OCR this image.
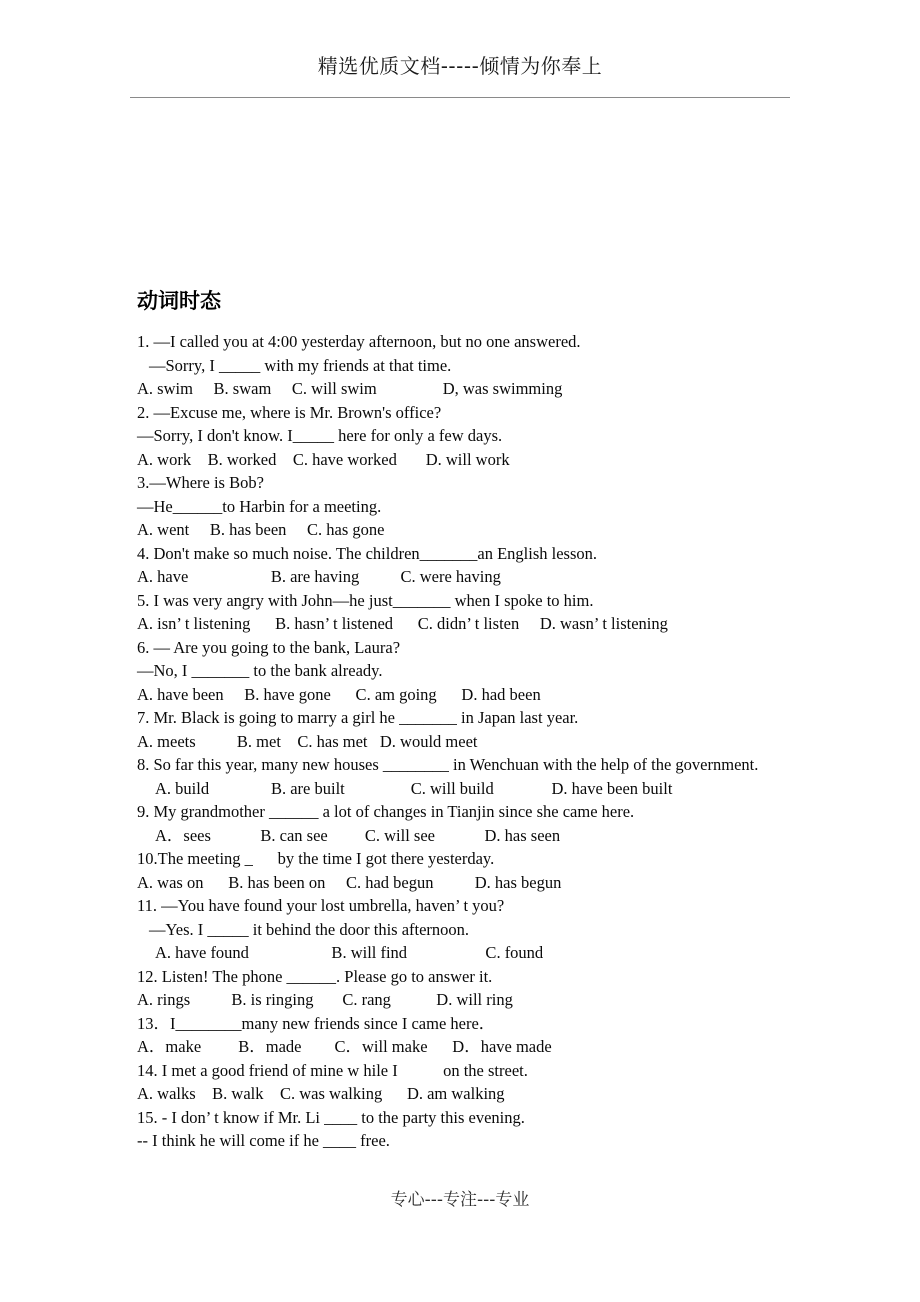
精选优质文档-----倾情为你奉上
动词时态
1. —I called you at 4:00 yesterday afternoon, but no one answered.
—Sorry, I _____ with my friends at that time.
A. swim     B. swam     C. will swim                D, was swimming
2. —Excuse me, where is Mr. Brown's office?
—Sorry, I don't know. I_____ here for only a few days.
A. work    B. worked    C. have worked       D. will work
3.—Where is Bob?
—He______to Harbin for a meeting.
A. went     B. has been     C. has gone
4. Don't make so much noise. The children_______an English lesson.
A. have                    B. are having          C. were having
5. I was very angry with John—he just_______ when I spoke to him.
A. isn’ t listening      B. hasn’ t listened      C. didn’ t listen     D. wasn’ t listening
6. — Are you going to the bank, Laura?
—No, I _______ to the bank already.
A. have been     B. have gone      C. am going      D. had been
7. Mr. Black is going to marry a girl he _______ in Japan last year.
A. meets          B. met    C. has met   D. would meet
8. So far this year, many new houses ________ in Wenchuan with the help of the government.
A. build               B. are built                C. will build              D. have been built
9. My grandmother ______ a lot of changes in Tianjin since she came here.
A．sees            B. can see         C. will see            D. has seen
10.The meeting _      by the time I got there yesterday.
A. was on      B. has been on     C. had begun          D. has begun
11. —You have found your lost umbrella, haven’ t you?
—Yes. I _____ it behind the door this afternoon.
A. have found                    B. will find                   C. found
12. Listen! The phone ______. Please go to answer it.
A. rings          B. is ringing       C. rang           D. will ring
13．I________many new friends since I came here．
A．make         B．made        C．will make      D．have made
14. I met a good friend of mine w hile I           on the street.
A. walks    B. walk    C. was walking      D. am walking
15. ‑ I don’ t know if Mr. Li ____ to the party this evening.
-- I think he will come if he ____ free.
专心---专注---专业
